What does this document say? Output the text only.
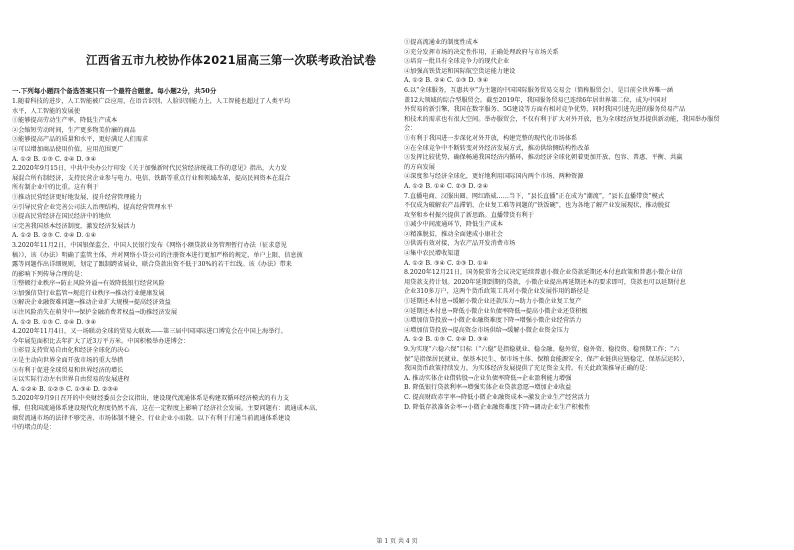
江西省五市九校协作体2021届高三第一次联考政治试卷
一.下列每小题四个备选答案只有一个最符合题意。每小题2分，共50分
1.随着科技的进步，人工智能被广泛应用，在语音识别、人脸识别能力上，人工智能也超过了人类平均
水平，人工智能的发展使
①能够提高劳动生产率，降低生产成本
②会缩短劳动时间，生产更多物美价廉的商品
③能够提高产品的质量和水平，更好满足人们需求
④可以增加商品使用价值，应用范围更广
A. ①② B. ①③ C. ②④ D. ③④
2.2020年9月15日，中共中央办公厅印发《关于加强新时代民营经济统战工作的意见》指出，大力发
展混合所有制经济，支持民营企业参与电力、电信、铁路等重点行业和领域改革，提高民间资本在混合
所有制企业中的比重。这有利于
①推动民营经济更好地发展，提升经营管理能力
②引导民营企业完善公司法人治理结构，提高经营管理水平
③提高民营经济在国民经济中的地位
④完善我国基本经济制度，激发经济发展活力
A. ①② B. ②③ C. ②④ D. ①④
3.2020年11月2日，中国银保监会、中国人民银行发布《网络小额贷款业务管理暂行办法（征求意见
稿）》，该《办法》明确了监管主体，并对网络小贷公司的注册资本进行更加严格的规定，单户上限、信息披
露等问题作出详细规则，划定了跟制跨省展业，联合贷款出资不低于30%的若干红线。该《办法》带来
的影响下列传导合理的是：
①整顿行业秩序→防止风险外溢→有效降低银行经营风险
②加强信贷行业监管→规范行业秩序→推动行业健康发展
③解决企业融资难问题→推动企业扩大规模→提高经济效益
④注风险消失在萌芽中→保护金融消费者权益→助推经济发展
A. ①② B. ①③ C. ②④ D. ③④
4.2020年11月4日，又一场联动全球的贸易大联欢——第三届中国国际进口博览会在中国上海举行。
今年展览面积比去年扩大了近3万平方米。中国积极举办进博会：
①彰显支持贸易自由化和经济全球化的决心
②是主动向世界全面开放市场的重大举措
③有利于促进全球贸易和世界经济的增长
④以实际行动左右世界自由贸易的发展进程
A. ①②④ B. ①②③ C. ①③④ D. ②③④
5.2020年9月9日召开的中央财经委员会会议指出，建设现代流通体系是构建双循环经济模式的有力支
撑，但我国流通体系建设现代化程度仍然不高，这在一定程度上影响了经济社会发展。主要问题有：流通成本高、
商贸流通市场的法律不够完善、市场体制不健全、行业企业小而散。以下有利于打通当前流通体系建设
中的堵点的是：
①提高流通业的制度性成本
②充分发挥市场的决定性作用，正确处理政府与市场关系
③培育一批具有全球竞争力的现代企业
④加强高铁货运和国际航空货运能力建设
A. ①② B. ②④ C. ①③ D. ③④
6.以“全球服务，互惠共享”为主题的中国国际服务贸易交易会（简称服贸会），是目前全世界唯一涵
盖12大领域的综合型服贸会。截至2019年，我国服务贸易已连续6年居世界第二位，成为中国对
外贸易的新引擎，我国在数字服务、5G建设等方面有相对竞争优势，同时我国引进先进的服务贸易产品
和技术的需求也有很大空间。举办服贸会，不仅有利于扩大对外开放，也为全球经济复苏提供新动能，我国举办服贸
会：
①有利于我国进一步深化对外开放，构建完整的现代化市场体系
②在全球竞争中不断转变对外经济发展方式，推动供给侧结构性改革
③发挥比较优势，确保畅通我国经济内循环，推动经济全球化朝着更加开放、包容、普惠、平衡、共赢
的方向发展
④深度参与经济全球化，更好地利用国际国内两个市场、两种资源
A. ①② B. ①④ C. ②③ D. ②④
7.直播电商、汉服出圈、网红路威……当下，“县长直播”正在成为“潮流”，“县长直播带货”模式
不仅成为破解农产品滞销、企业复工难等问题的“铁饭碗”，也为各地了解产业发展现状，推动脱贫
攻坚和乡村振兴提供了新思路。直播带货有利于
①减少中间流通环节，降低生产成本
②精准脱贫，推动全面建成小康社会
③供需有效对接，为农产品开发消费市场
④集中农民增收渠道
A. ①② B. ③④ C. ②③ D. ①④
8.2020年12月21日，国务院常务会议决定延续普惠小微企业贷款延期还本付息政策和普惠小微企业信
用贷款支持计划。2020年延期到期的贷款，小微企业提出再延期还本的要求即可，贷款也可以延期付息
企业310多万户，这两个货币政策工具对小微企业发展作用的路径是
①延期还本付息→缓解小微企业还款压力→助力小微企业复工复产
②延期还本付息→降低小微企业负债率降低→提高小微企业还贷积极
③增加信贷投放→小微企业融资难度下降→增强小微企业经营活力
④增加信贷投放→提高资金市场供给→缓解小微企业资金压力
A. ①② B. ①③ C. ②④ D. ③④
9.为实现“六稳六保”目标（“六稳”是指稳就业、稳金融、稳外贸、稳外资、稳投资、稳预期工作；“六
保”是指保居民就业、保基本民生、保市场主体、保粮食能源安全、保产业链供应链稳定、保基层运转），
我国货币政策持续发力，为实体经济发展提供了充足资金支持。有关此政策推导正确的是：
A. 推动实体企业借转股→企业负债率降低→企业盈利能力增强
B. 降低银行贷款利率→增强实体企业贷款意愿→增加企业收益
C. 提高财政赤字率→降低小微企业融资成本→激发企业生产经营活力
D. 降低存款准备金率→小微企业融资难度下降→调动企业生产积极性
第 1 页 共 4 页
